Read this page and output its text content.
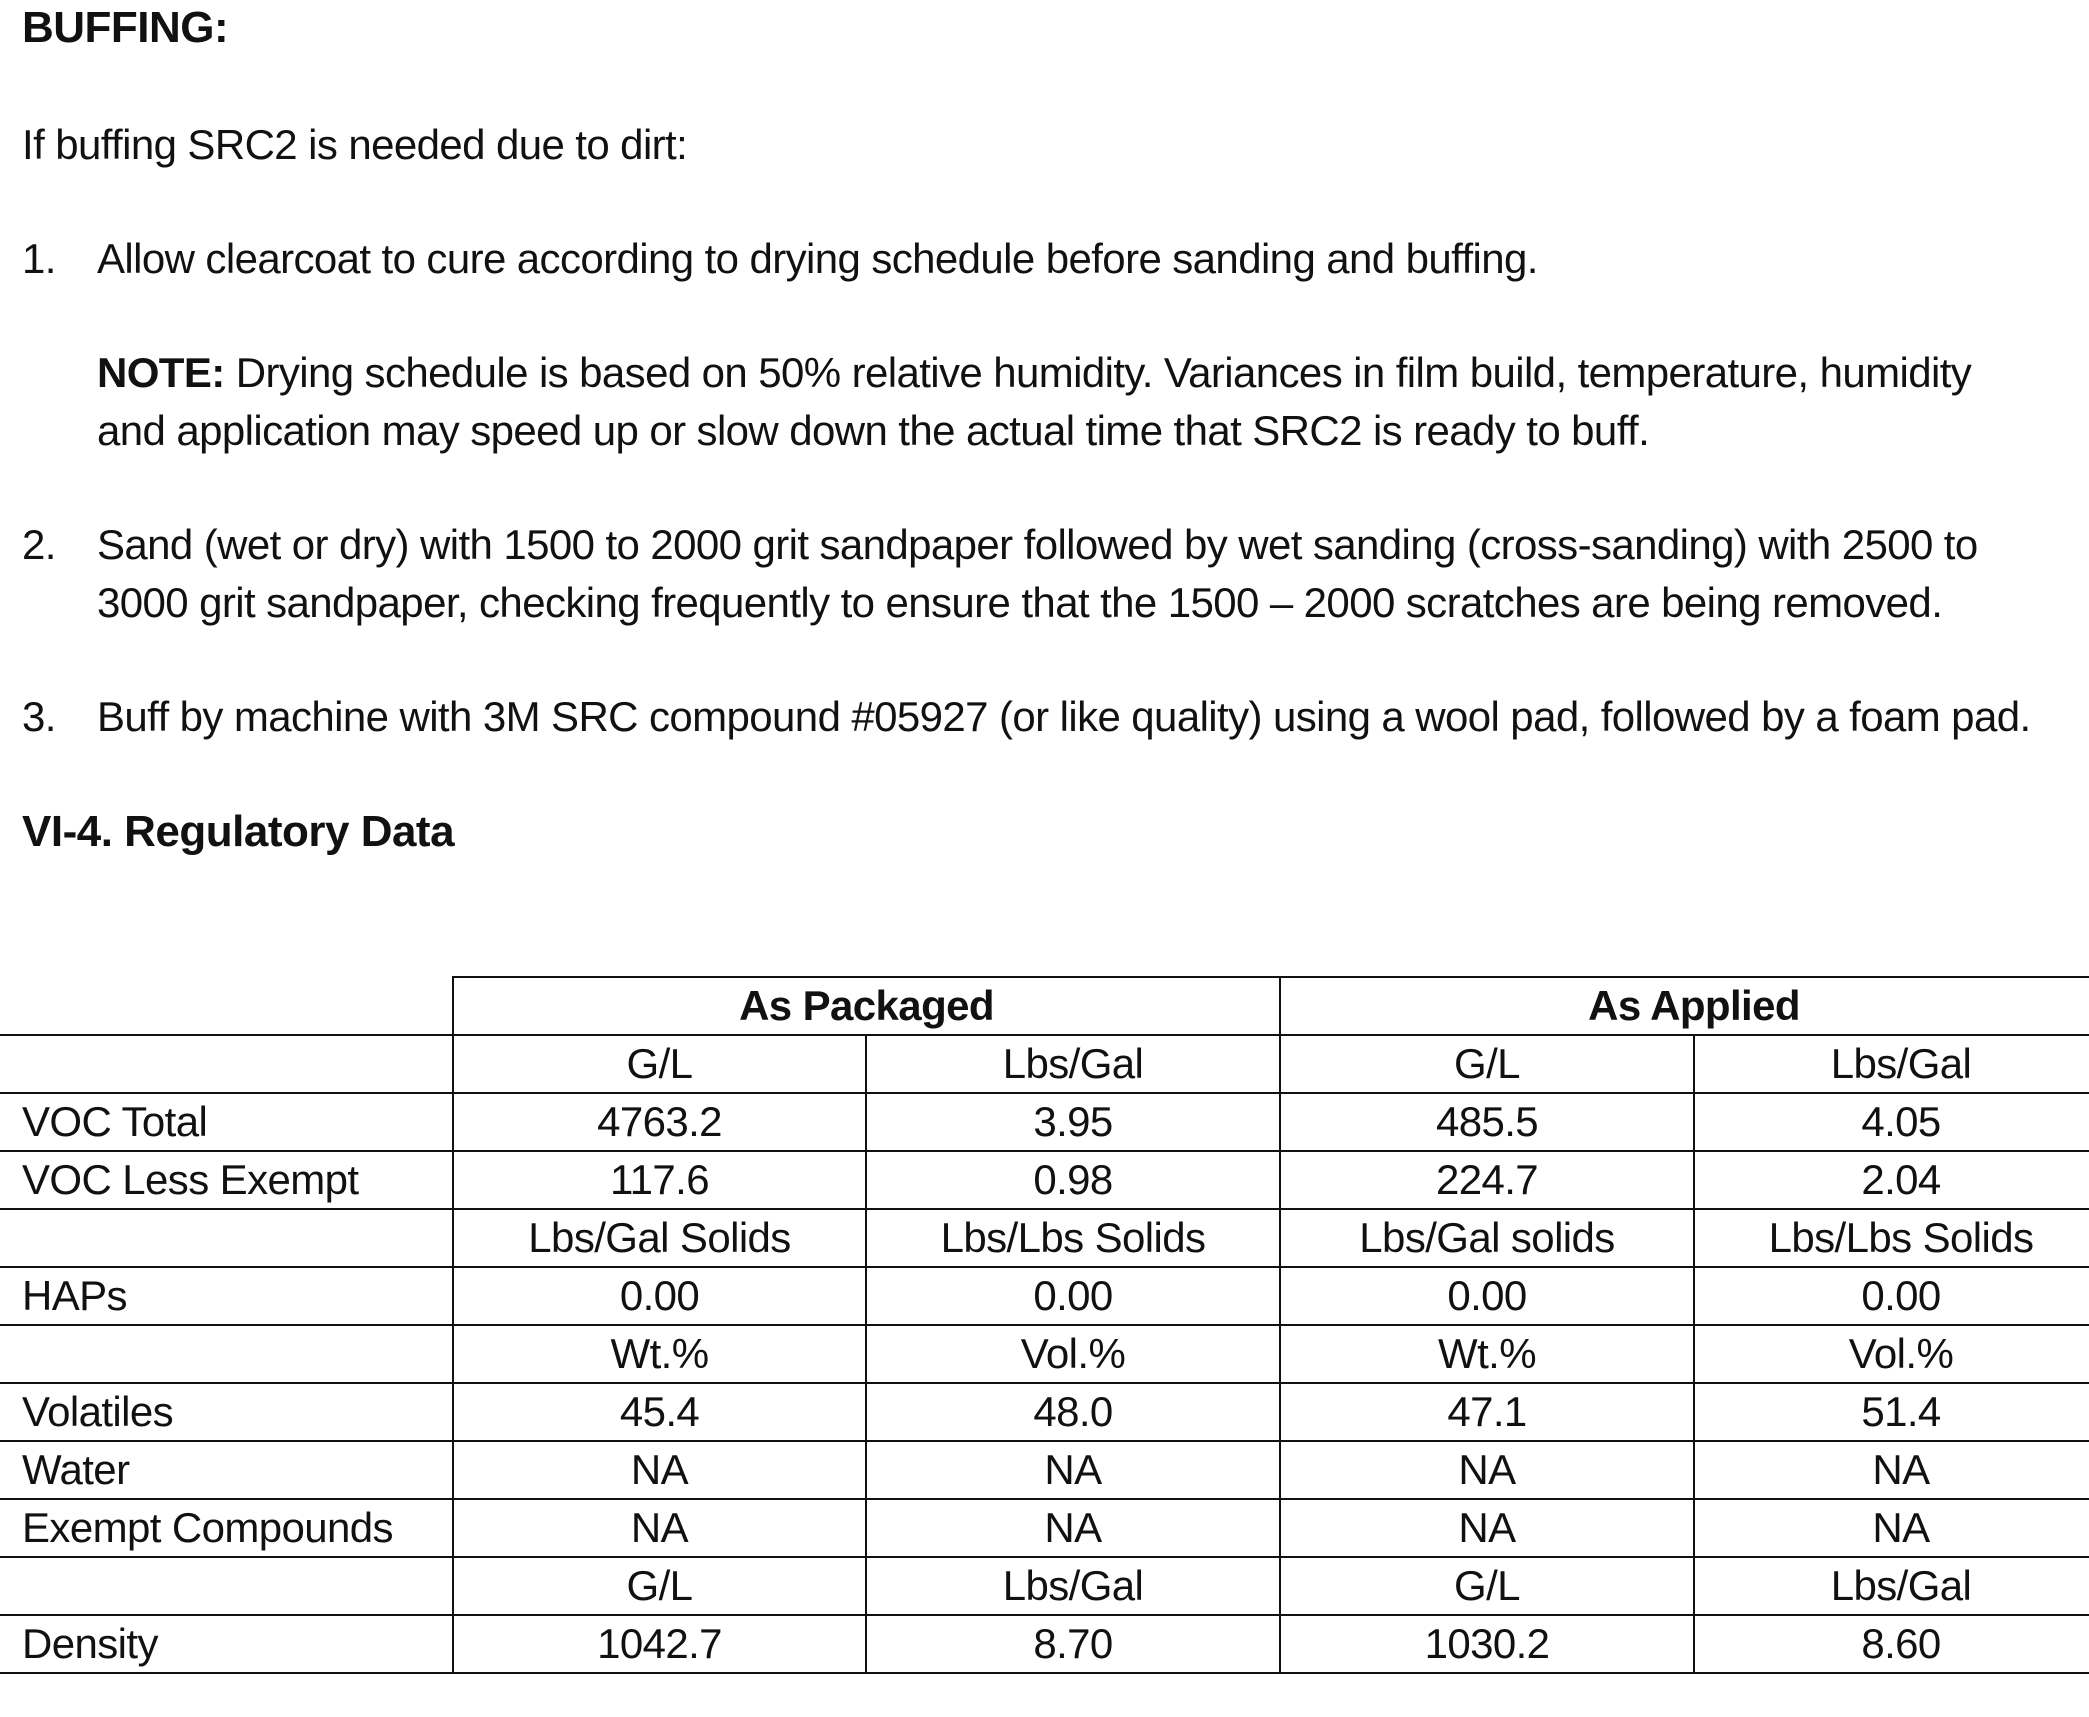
BUFFING:
If buffing SRC2 is needed due to dirt:
1. Allow clearcoat to cure according to drying schedule before sanding and buffing.
NOTE: Drying schedule is based on 50% relative humidity. Variances in film build, temperature, humidity
and application may speed up or slow down the actual time that SRC2 is ready to buff.
2. Sand (wet or dry) with 1500 to 2000 grit sandpaper followed by wet sanding (cross-sanding) with 2500 to
3000 grit sandpaper, checking frequently to ensure that the 1500 – 2000 scratches are being removed.
3. Buff by machine with 3M SRC compound #05927 (or like quality) using a wool pad, followed by a foam pad.
VI-4. Regulatory Data
	As Packaged		As Applied	
	G/L	Lbs/Gal	G/L	Lbs/Gal
VOC Total	4763.2	3.95	485.5	4.05
VOC Less Exempt	117.6	0.98	224.7	2.04
	Lbs/Gal Solids	Lbs/Lbs Solids	Lbs/Gal solids	Lbs/Lbs Solids
HAPs	0.00	0.00	0.00	0.00
	Wt.%	Vol.%	Wt.%	Vol.%
Volatiles	45.4	48.0	47.1	51.4
Water	NA	NA	NA	NA
Exempt Compounds	NA	NA	NA	NA
	G/L	Lbs/Gal	G/L	Lbs/Gal
Density	1042.7	8.70	1030.2	8.60
